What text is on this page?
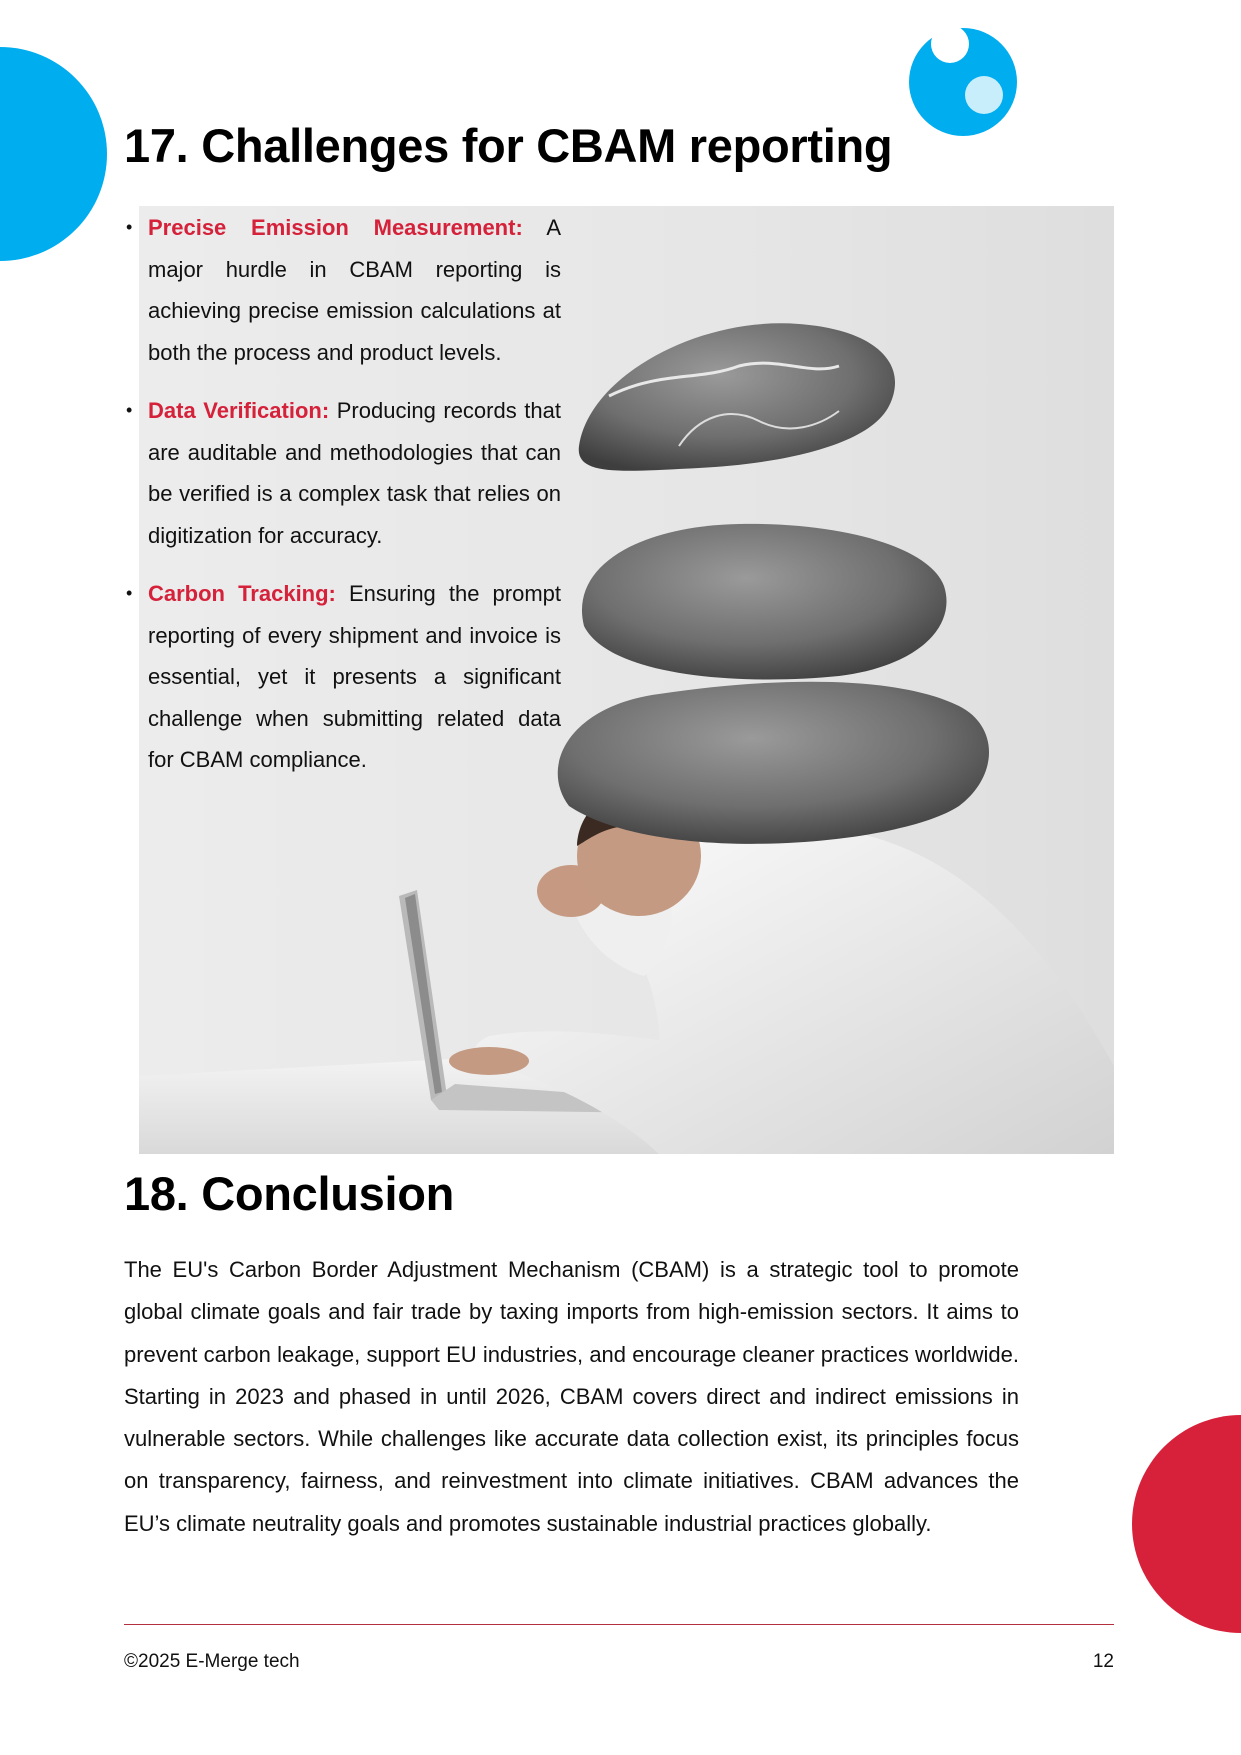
17. Challenges for CBAM reporting
• Precise Emission Measurement: A major hurdle in CBAM reporting is achieving precise emission calculations at both the process and product levels.
• Data Verification: Producing records that are auditable and methodologies that can be verified is a complex task that relies on digitization for accuracy.
• Carbon Tracking: Ensuring the prompt reporting of every shipment and invoice is essential, yet it presents a significant challenge when submitting related data for CBAM compliance.
18. Conclusion

The EU's Carbon Border Adjustment Mechanism (CBAM) is a strategic tool to promote global climate goals and fair trade by taxing imports from high-emission sectors. It aims to prevent carbon leakage, support EU industries, and encourage cleaner practices worldwide. Starting in 2023 and phased in until 2026, CBAM covers direct and indirect emissions in vulnerable sectors. While challenges like accurate data collection exist, its principles focus on transparency, fairness, and reinvestment into climate initiatives. CBAM advances the EU’s climate neutrality goals and promotes sustainable industrial practices globally.

©2025 E-Merge tech	12
